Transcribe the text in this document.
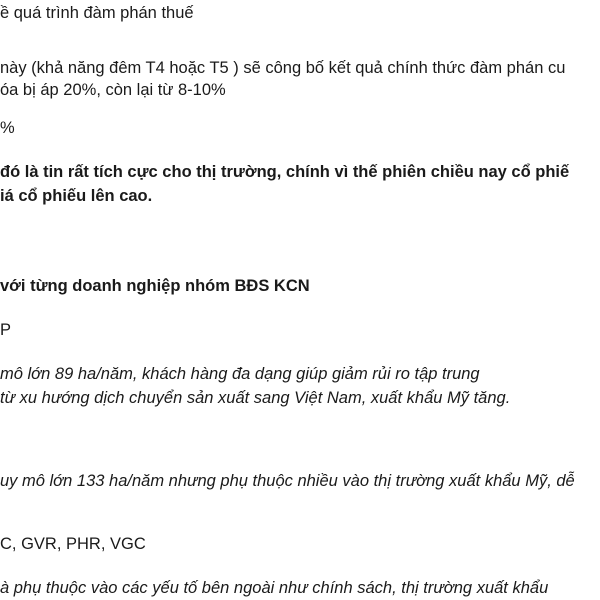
ề quá trình đàm phán thuế
này (khả năng đêm T4 hoặc T5 ) sẽ công bố kết quả chính thức đàm phán cu
óa bị áp 20%, còn lại từ 8-10%
%
đó là tin rất tích cực cho thị trường, chính vì thế phiên chiều nay cổ phiế
iá cổ phiếu lên cao.
với từng doanh nghiệp nhóm BĐS KCN
P
mô lớn 89 ha/năm, khách hàng đa dạng giúp giảm rủi ro tập trung
từ xu hướng dịch chuyển sản xuất sang Việt Nam, xuất khẩu Mỹ tăng.
uy mô lớn 133 ha/năm nhưng phụ thuộc nhiều vào thị trường xuất khẩu Mỹ, dễ
C, GVR, PHR, VGC
à phụ thuộc vào các yếu tố bên ngoài như chính sách, thị trường xuất khẩu
